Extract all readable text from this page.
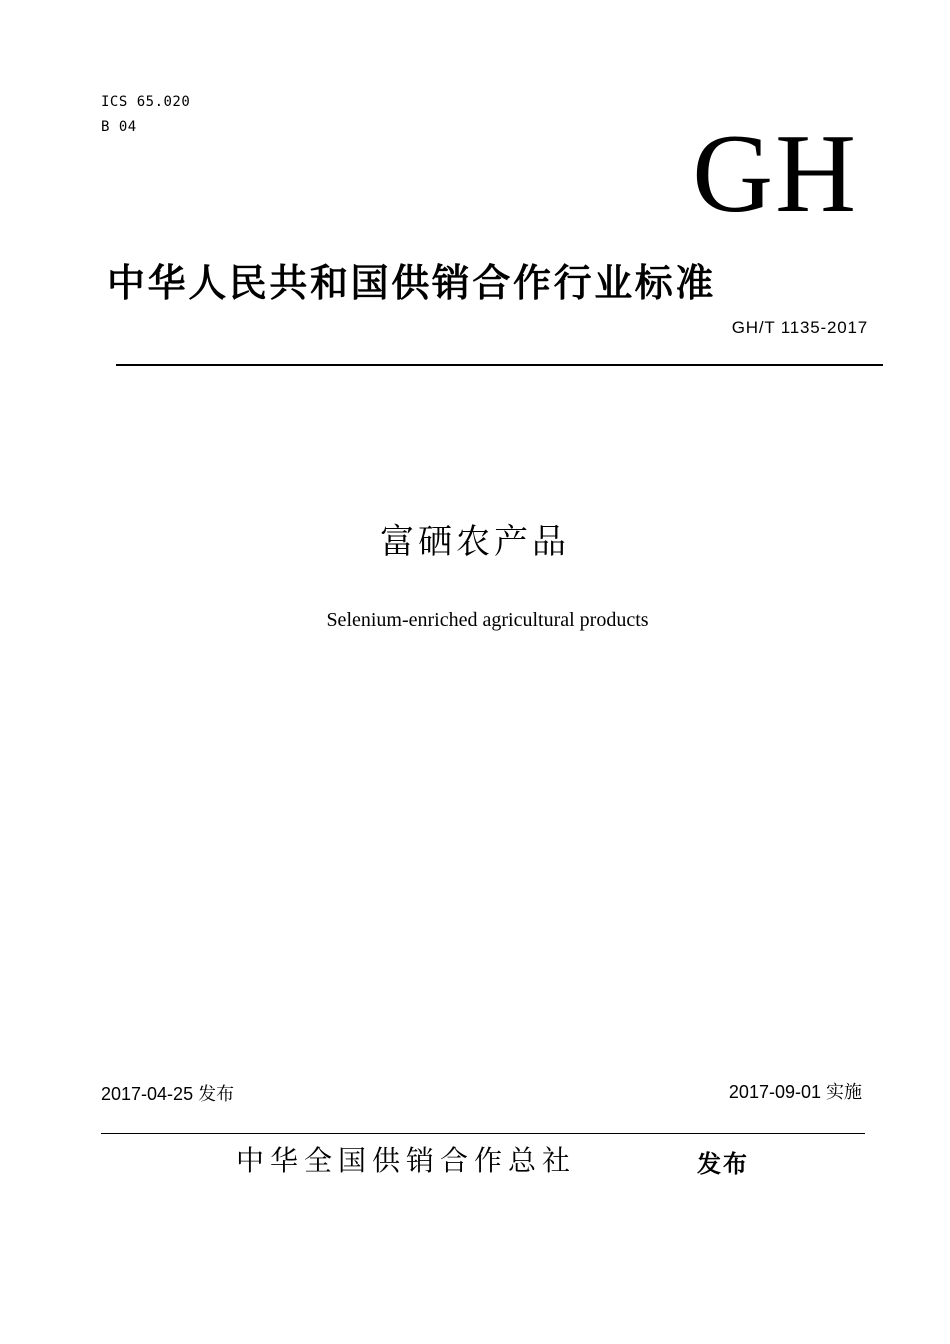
ICS 65.020
B 04	GH
中华人民共和国供销合作行业标准
GH/T 1135-2017
富硒农产品
Selenium-enriched agricultural products
2017-04-25 发布	2017-09-01 实施
中华全国供销合作总社	发布
